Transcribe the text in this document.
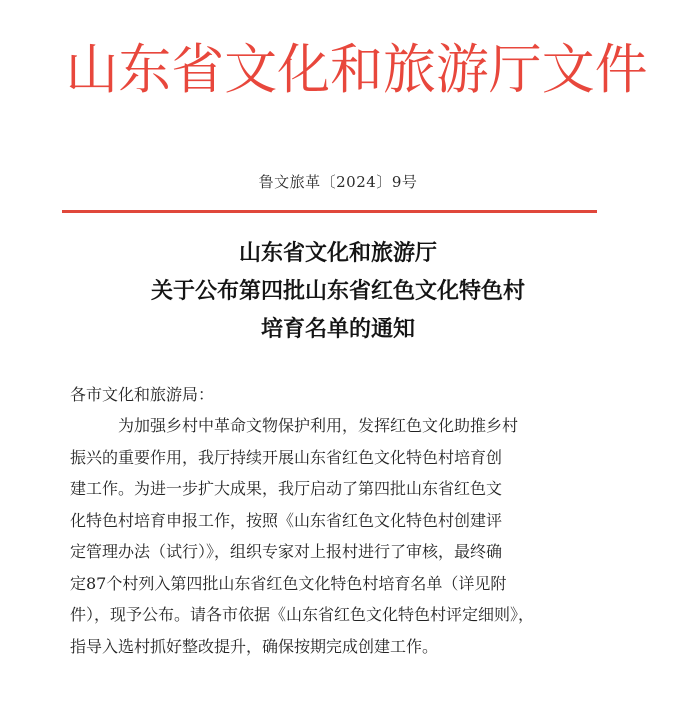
山东省文化和旅游厅文件
鲁文旅革〔2024〕9号
山东省文化和旅游厅
关于公布第四批山东省红色文化特色村
培育名单的通知
各市文化和旅游局：
为加强乡村中革命文物保护利用，发挥红色文化助推乡村
振兴的重要作用，我厅持续开展山东省红色文化特色村培育创
建工作。为进一步扩大成果，我厅启动了第四批山东省红色文
化特色村培育申报工作，按照《山东省红色文化特色村创建评
定管理办法（试行）》，组织专家对上报村进行了审核，最终确
定87个村列入第四批山东省红色文化特色村培育名单（详见附
件），现予公布。请各市依据《山东省红色文化特色村评定细则》，
指导入选村抓好整改提升，确保按期完成创建工作。
